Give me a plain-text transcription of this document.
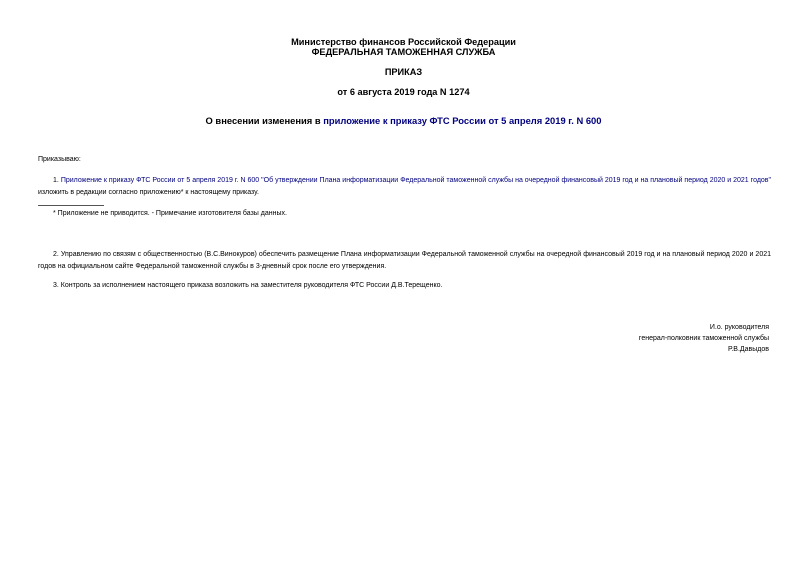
Министерство финансов Российской Федерации
ФЕДЕРАЛЬНАЯ ТАМОЖЕННАЯ СЛУЖБА
ПРИКАЗ
от 6 августа 2019 года N 1274
О внесении изменения в приложение к приказу ФТС России от 5 апреля 2019 г. N 600
Приказываю:
1. Приложение к приказу ФТС России от 5 апреля 2019 г. N 600 "Об утверждении Плана информатизации Федеральной таможенной службы на очередной финансовый 2019 год и на плановый период 2020 и 2021 годов" изложить в редакции согласно приложению* к настоящему приказу.
* Приложение не приводится. - Примечание изготовителя базы данных.
2. Управлению по связям с общественностью (В.С.Винокуров) обеспечить размещение Плана информатизации Федеральной таможенной службы на очередной финансовый 2019 год и на плановый период 2020 и 2021 годов на официальном сайте Федеральной таможенной службы в 3-дневный срок после его утверждения.
3. Контроль за исполнением настоящего приказа возложить на заместителя руководителя ФТС России Д.В.Терещенко.
И.о. руководителя
генерал-полковник таможенной службы
Р.В.Давыдов
